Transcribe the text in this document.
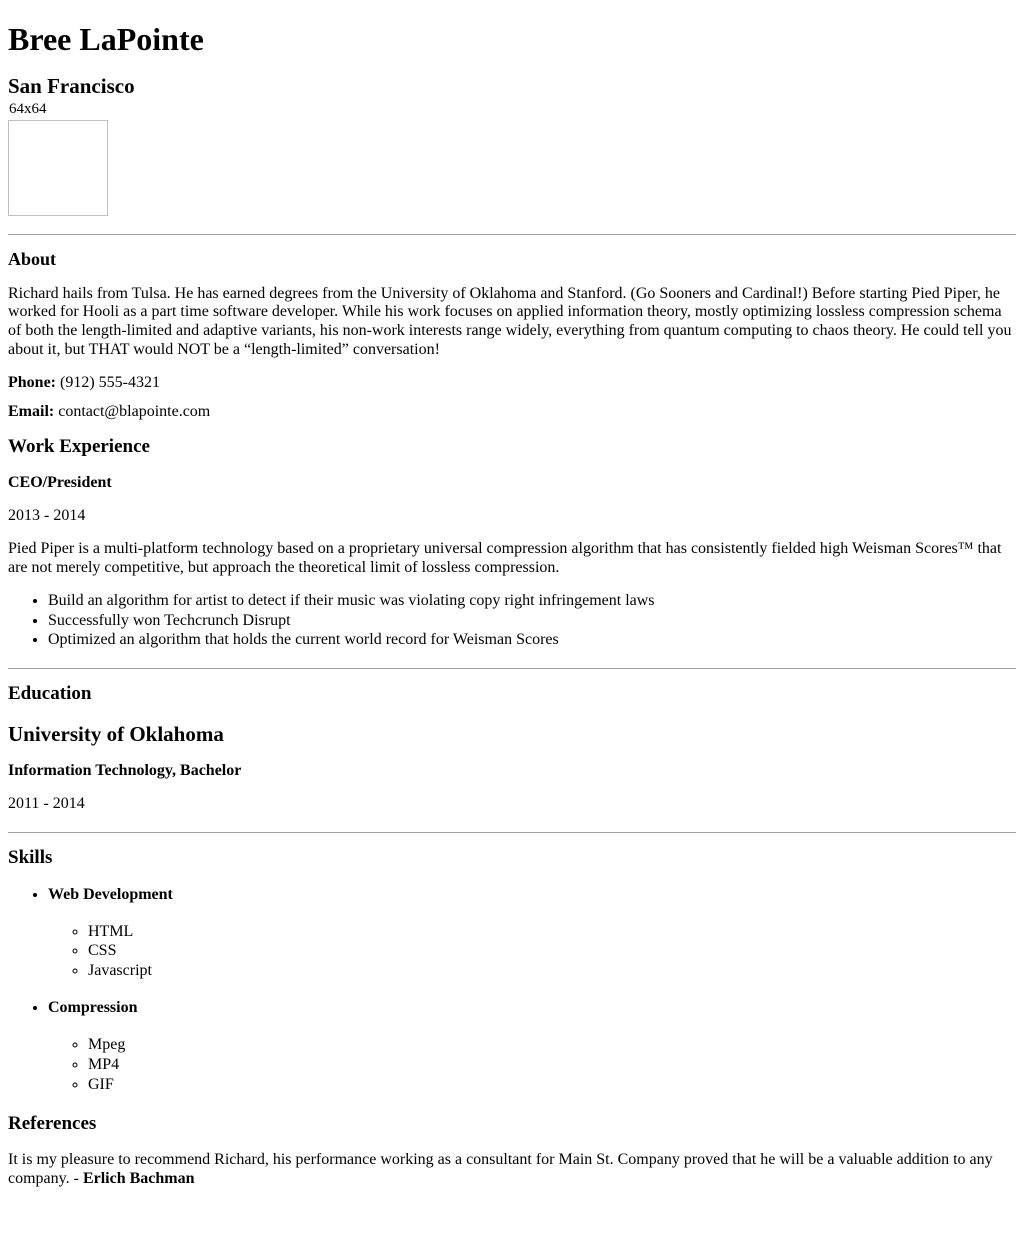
Bree LaPointe
San Francisco
64x64
About

Richard hails from Tulsa. He has earned degrees from the University of Oklahoma and Stanford. (Go Sooners and Cardinal!) Before starting Pied Piper, he worked for Hooli as a part time software developer. While his work focuses on applied information theory, mostly optimizing lossless compression schema of both the length-limited and adaptive variants, his non-work interests range widely, everything from quantum computing to chaos theory. He could tell you about it, but THAT would NOT be a “length-limited” conversation!

Phone: (912) 555-4321
Email: contact@blapointe.com
Work Experience
CEO/President
2013 - 2014

Pied Piper is a multi-platform technology based on a proprietary universal compression algorithm that has consistently fielded high Weisman Scores™ that are not merely competitive, but approach the theoretical limit of lossless compression.

• Build an algorithm for artist to detect if their music was violating copy right infringement laws
• Successfully won Techcrunch Disrupt
• Optimized an algorithm that holds the current world record for Weisman Scores
Education
University of Oklahoma
Information Technology, Bachelor
2011 - 2014
Skills
• Web Development
◦ HTML
◦ CSS
◦ Javascript
• Compression
◦ Mpeg
◦ MP4
◦ GIF
References

It is my pleasure to recommend Richard, his performance working as a consultant for Main St. Company proved that he will be a valuable addition to any company. - Erlich Bachman
